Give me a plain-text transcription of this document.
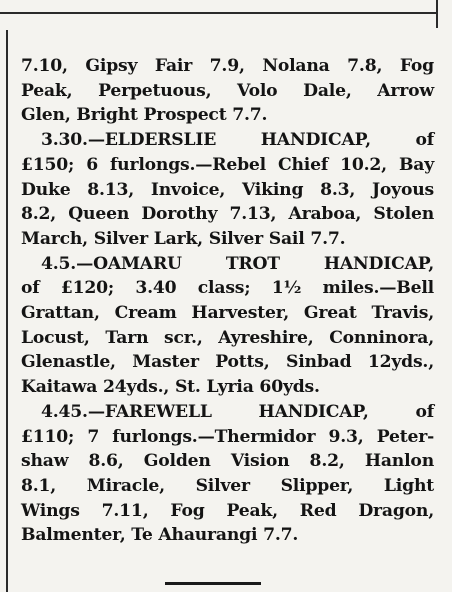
7.10, Gipsy Fair 7.9, Nolana 7.8, Fog
Peak, Perpetuous, Volo Dale, Arrow
Glen, Bright Prospect 7.7.

3.30.—ELDERSLIE HANDICAP, of
£150; 6 furlongs.—Rebel Chief 10.2, Bay
Duke 8.13, Invoice, Viking 8.3, Joyous
8.2, Queen Dorothy 7.13, Araboa, Stolen
March, Silver Lark, Silver Sail 7.7.

4.5.—OAMARU TROT HANDICAP,
of £120; 3.40 class; 1½ miles.—Bell
Grattan, Cream Harvester, Great Travis,
Locust, Tarn scr., Ayreshire, Conninora,
Glenastle, Master Potts, Sinbad 12yds.,
Kaitawa 24yds., St. Lyria 60yds.

4.45.—FAREWELL HANDICAP, of
£110; 7 furlongs.—Thermidor 9.3, Peter-
shaw 8.6, Golden Vision 8.2, Hanlon
8.1, Miracle, Silver Slipper, Light
Wings 7.11, Fog Peak, Red Dragon,
Balmenter, Te Ahaurangi 7.7.
